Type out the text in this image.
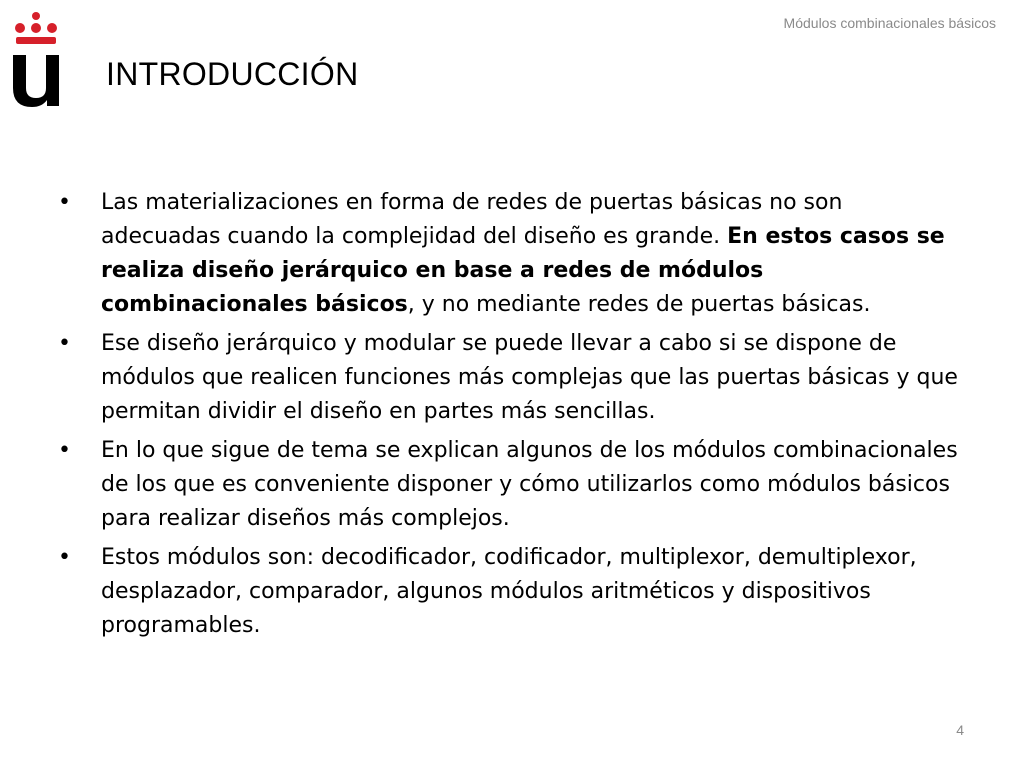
Módulos combinacionales básicos
INTRODUCCIÓN
• Las materializaciones en forma de redes de puertas básicas no son adecuadas cuando la complejidad del diseño es grande. En estos casos se realiza diseño jerárquico en base a redes de módulos combinacionales básicos, y no mediante redes de puertas básicas.
• Ese diseño jerárquico y modular se puede llevar a cabo si se dispone de módulos que realicen funciones más complejas que las puertas básicas y que permitan dividir el diseño en partes más sencillas.
• En lo que sigue de tema se explican algunos de los módulos combinacionales de los que es conveniente disponer y cómo utilizarlos como módulos básicos para realizar diseños más complejos.
• Estos módulos son: decodificador, codificador, multiplexor, demultiplexor, desplazador, comparador, algunos módulos aritméticos y dispositivos programables.
4
